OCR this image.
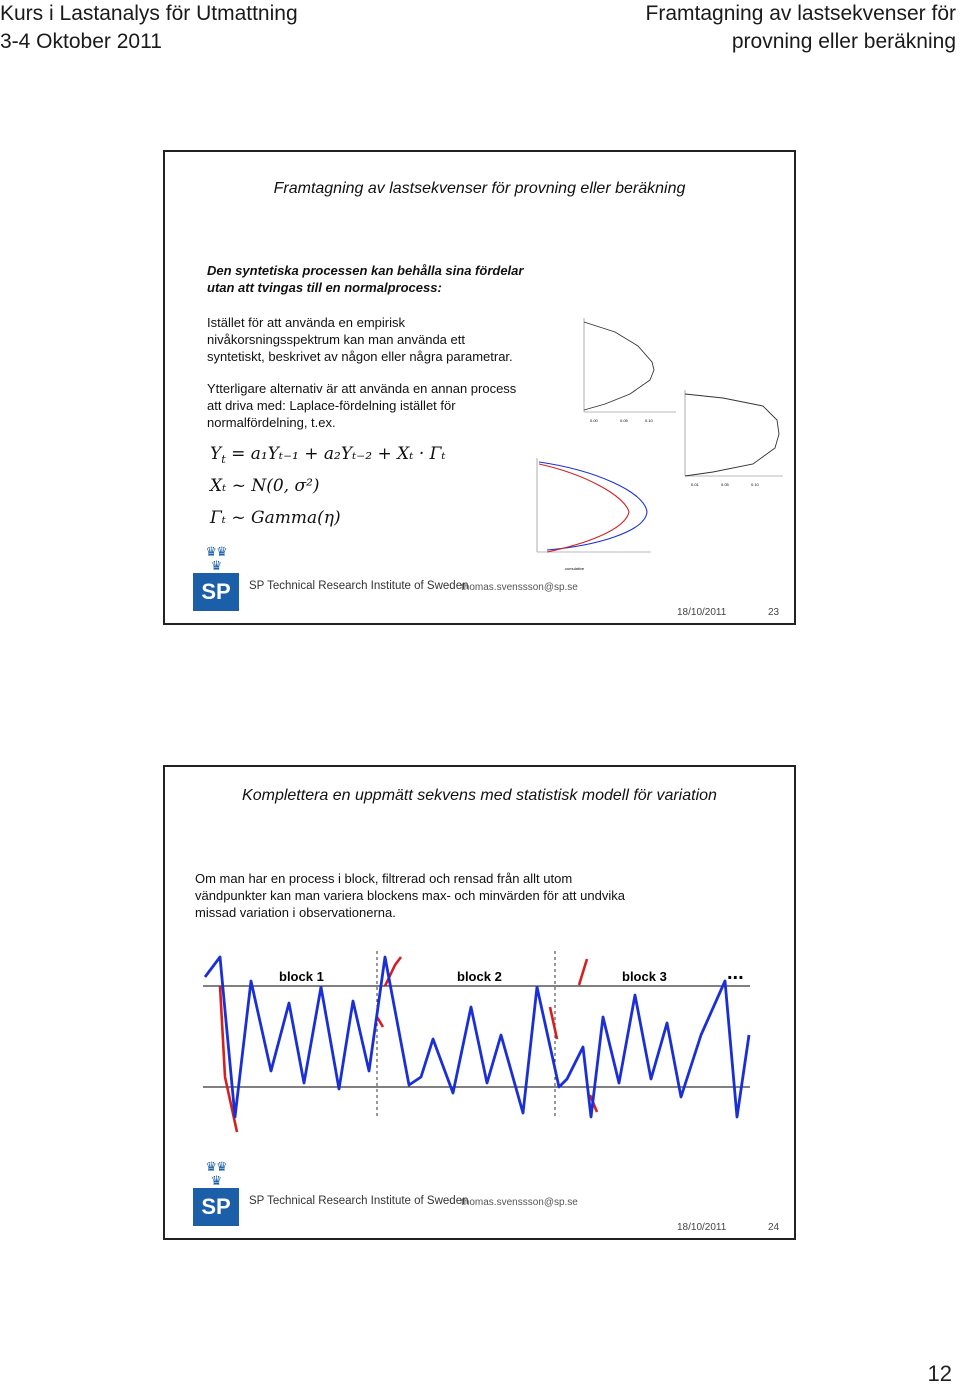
Kurs i Lastanalys för Utmattning
3-4 Oktober 2011
Framtagning av lastsekvenser för
provning eller beräkning
Framtagning av lastsekvenser för provning eller beräkning
Den syntetiska processen kan behålla sina fördelar
utan att tvingas till en normalprocess:
Istället för att använda en empirisk
nivåkorsningsspektrum kan man använda ett
syntetiskt, beskrivet av någon eller några parametrar.
Ytterligare alternativ är att använda en annan process
att driva med: Laplace-fördelning istället för
normalfördelning, t.ex.
$Y_t = a_1Y_{t-1} + a_2Y_{t-2} + X_t \cdot \Gamma_t$
Xₜ ~ N(0, σ²)
Γₜ ~ Gamma(η)
0.00	0.05	0.10
0.01	0.05	0.10
cumulative
♛♛
♛
SP	SP Technical Research Institute of Sweden
thomas.svenssson@sp.se
18/10/2011	23
Komplettera en uppmätt sekvens med statistisk modell för variation
Om man har en process i block, filtrerad och rensad från allt utom
vändpunkter kan man variera blockens max- och minvärden för att undvika
missad variation i observationerna.
block 1	block 2	block 3	...
♛♛
♛
SP	SP Technical Research Institute of Sweden
thomas.svenssson@sp.se
18/10/2011	24
12
